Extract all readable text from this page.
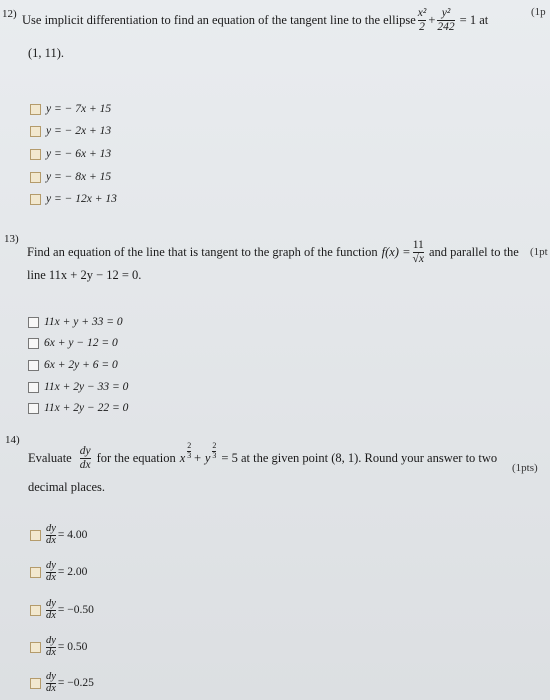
12) Use implicit differentiation to find an equation of the tangent line to the ellipse $\frac{\text{x²}}{2} + \frac{\text{y²}}{242} = 1$ at
(1p
(1, 11).
y = − 7x + 15
y = − 2x + 13
y = − 6x + 13
y = − 8x + 15
y = − 12x + 13
13)
Find an equation of the line that is tangent to the graph of the function $f(x) = \frac{11}{√x}$ and parallel to the (1pt
line 11x + 2y − 12 = 0.
11x + y + 33 = 0
6x + y − 12 = 0
6x + 2y + 6 = 0
11x + 2y − 33 = 0
11x + 2y − 22 = 0
14)
Evaluate $\frac{dy}{dx}$ for the equation x $\frac{2}{3} + y \frac{2}{3} = 5$ at the given point (8, 1). Round your answer to two
(1pts)
decimal places.
dy
dx = 4.00
dy
dx = 2.00
dy
dx = −0.50
dy
dx = 0.50
dy
dx = −0.25
